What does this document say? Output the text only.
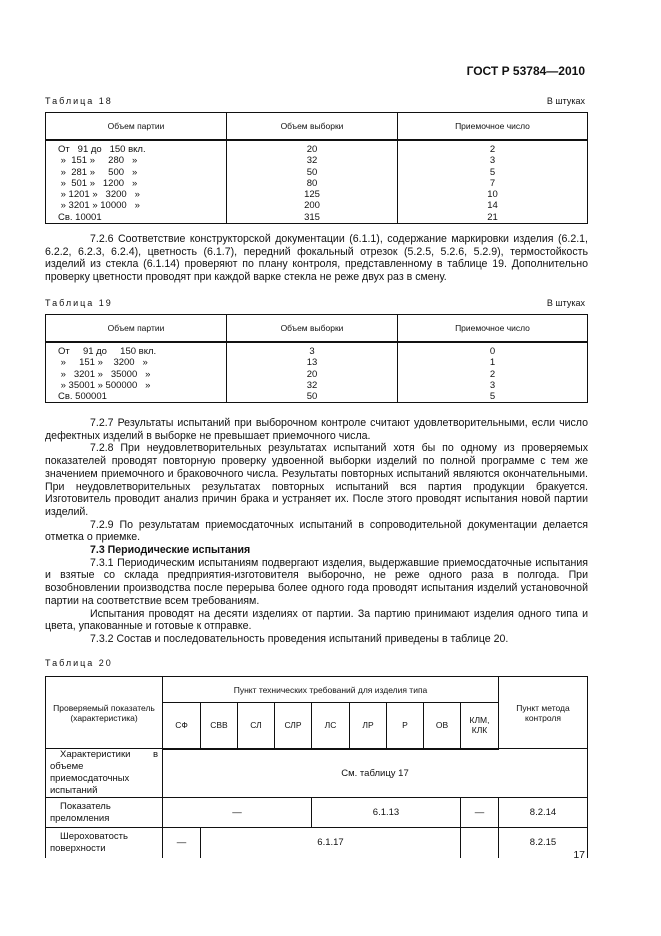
ГОСТ Р 53784—2010
Таблица 18	В штуках
Объем партии	Объем выборки	Приемочное число
От   91 до   150 вкл.	20	2
»  151 »     280   »	32	3
»  281 »     500   »	50	5
»  501 »   1200   »	80	7
» 1201 »   3200   »	125	10
» 3201 » 10000   »	200	14
Св. 10001	315	21

7.2.6 Соответствие конструкторской документации (6.1.1), содержание маркировки изделия (6.2.1, 6.2.2, 6.2.3, 6.2.4), цветность (6.1.7), передний фокальный отрезок (5.2.5, 5.2.6, 5.2.9), термостойкость изделий из стекла (6.1.14) проверяют по плану контроля, представленному в таблице 19. Дополнительно проверку цветности проводят при каждой варке стекла не реже двух раз в смену.

Таблица 19	В штуках
Объем партии	Объем выборки	Приемочное число
От     91 до     150 вкл.	3	0
»     151 »    3200   »	13	1
»   3201 »   35000   »	20	2
» 35001 » 500000   »	32	3
Св. 500001	50	5

7.2.7 Результаты испытаний при выборочном контроле считают удовлетворительными, если число дефектных изделий в выборке не превышает приемочного числа.

7.2.8 При неудовлетворительных результатах испытаний хотя бы по одному из проверяемых показателей проводят повторную проверку удвоенной выборки изделий по полной программе с тем же значением приемочного и браковочного числа. Результаты повторных испытаний являются окончательными. При неудовлетворительных результатах повторных испытаний вся партия продукции бракуется. Изготовитель проводит анализ причин брака и устраняет их. После этого проводят испытания новой партии изделий.

7.2.9 По результатам приемосдаточных испытаний в сопроводительной документации делается отметка о приемке.

7.3 Периодические испытания

7.3.1 Периодическим испытаниям подвергают изделия, выдержавшие приемосдаточные испытания и взятые со склада предприятия-изготовителя выборочно, не реже одного раза в полгода. При возобновлении производства после перерыва более одного года проводят испытания изделий установочной партии на соответствие всем требованиям.

Испытания проводят на десяти изделиях от партии. За партию принимают изделия одного типа и цвета, упакованные и готовые к отправке.

7.3.2 Состав и последовательность проведения испытаний приведены в таблице 20.

Таблица 20
Проверяемый показатель (характеристика)	Пункт технических требований для изделия типа									Пункт метода контроля
	СФ	СВВ	СЛ	СЛР	ЛС	ЛР	Р	ОВ	КЛМ, КЛК	
Характеристики в объеме приемосдаточных испытаний	См. таблицу 17									
Показатель преломления	—				6.1.13				—	8.2.14
Шероховатость поверхности	—	6.1.17								8.2.15
17
